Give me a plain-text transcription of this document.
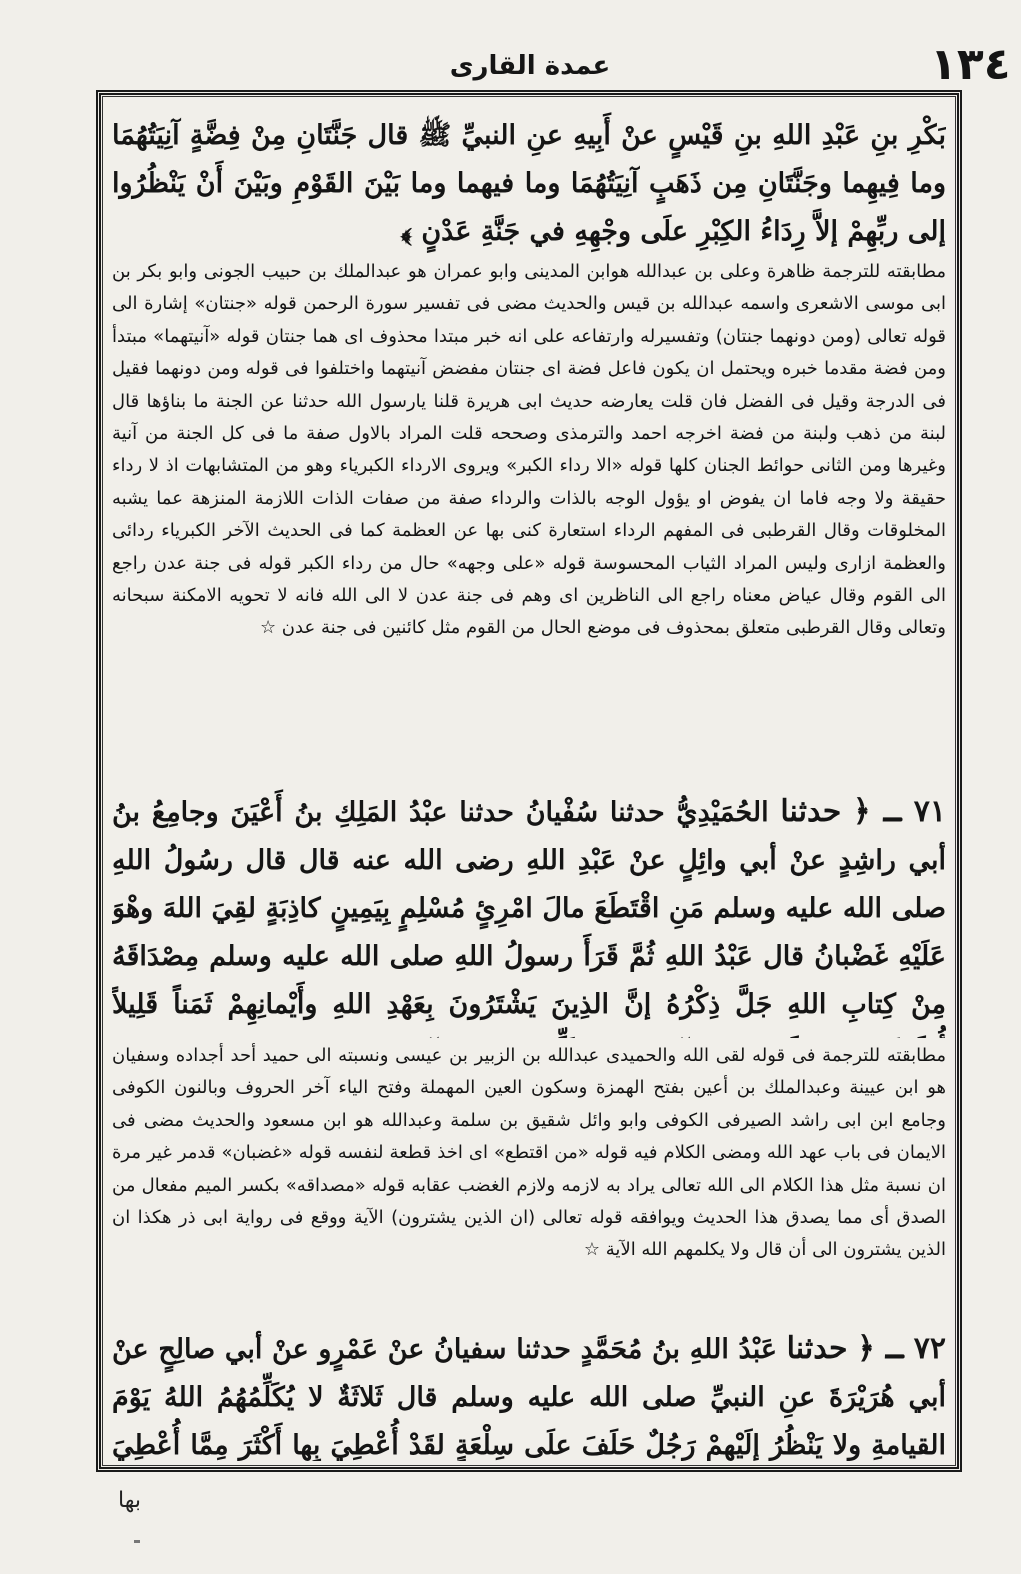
عمدة القارى	١٣٤

بَكْرِ بنِ عَبْدِ اللهِ بنِ قَيْسٍ عنْ أَبِيهِ عنِ النبيِّ ﷺ قال جَنَّتَانِ مِنْ فِضَّةٍ آنِيَتُهُمَا وما فِيهِما وجَنَّتَانِ مِن ذَهَبٍ آنِيَتُهُمَا وما فيهما وما بَيْنَ القَوْمِ وبَيْنَ أَنْ يَنْظُرُوا إلى ربِّهِمْ إلاَّ رِدَاءُ الكِبْرِ علَى وجْهِهِ في جَنَّةِ عَدْنٍ ﴾

مطابقته للترجمة ظاهرة وعلى بن عبدالله هوابن المدينى وابو عمران هو عبدالملك بن حبيب الجونى وابو بكر بن ابى موسى الاشعرى واسمه عبدالله بن قيس والحديث مضى فى تفسير سورة الرحمن قوله «جنتان» إشارة الى قوله تعالى (ومن دونهما جنتان) وتفسيرله وارتفاعه على انه خبر مبتدا محذوف اى هما جنتان قوله «آنيتهما» مبتدأ ومن فضة مقدما خبره ويحتمل ان يكون فاعل فضة اى جنتان مفضض آنيتهما واختلفوا فى قوله ومن دونهما فقيل فى الدرجة وقيل فى الفضل فان قلت يعارضه حديث ابى هريرة قلنا يارسول الله حدثنا عن الجنة ما بناؤها قال لبنة من ذهب ولبنة من فضة اخرجه احمد والترمذى وصححه قلت المراد بالاول صفة ما فى كل الجنة من آنية وغيرها ومن الثانى حوائط الجنان كلها قوله «الا رداء الكبر» ويروى الارداء الكبرياء وهو من المتشابهات اذ لا رداء حقيقة ولا وجه فاما ان يفوض او يؤول الوجه بالذات والرداء صفة من صفات الذات اللازمة المنزهة عما يشبه المخلوقات وقال القرطبى فى المفهم الرداء استعارة كنى بها عن العظمة كما فى الحديث الآخر الكبرياء ردائى والعظمة ازارى وليس المراد الثياب المحسوسة قوله «على وجهه» حال من رداء الكبر قوله فى جنة عدن راجع الى القوم وقال عياض معناه راجع الى الناظرين اى وهم فى جنة عدن لا الى الله فانه لا تحويه الامكنة سبحانه وتعالى وقال القرطبى متعلق بمحذوف فى موضع الحال من القوم مثل كائنين فى جنة عدن ☆

٧١ ـ ﴿ حدثنا الحُمَيْدِيُّ حدثنا سُفْيانُ حدثنا عبْدُ المَلِكِ بنُ أَعْيَنَ وجامِعُ بنُ أبي راشِدٍ عنْ أبي وائِلٍ عنْ عَبْدِ اللهِ رضى الله عنه قال قال رسُولُ اللهِ صلى الله عليه وسلم مَنِ اقْتَطَعَ مالَ امْرِئٍ مُسْلِمٍ بِيَمِينٍ كاذِبَةٍ لقِيَ اللهَ وهْوَ عَلَيْهِ غَضْبانُ قال عَبْدُ اللهِ ثُمَّ قَرَأَ رسولُ اللهِ صلى الله عليه وسلم مِصْدَاقَهُ مِنْ كِتابِ اللهِ جَلَّ ذِكْرُهُ إنَّ الذِينَ يَشْتَرُونَ بِعَهْدِ اللهِ وأَيْمانِهِمْ ثَمَناً قَلِيلاً

مطابقته للترجمة فى قوله لقى الله والحميدى عبدالله بن الزبير بن عيسى ونسبته الى حميد أحد أجداده وسفيان هو ابن عيينة وعبدالملك بن أعين بفتح الهمزة وسكون العين المهملة وفتح الياء آخر الحروف وبالنون الكوفى وجامع ابن ابى راشد الصيرفى الكوفى وابو وائل شقيق بن سلمة وعبدالله هو ابن مسعود والحديث مضى فى الايمان فى باب عهد الله ومضى الكلام فيه قوله «من اقتطع» اى اخذ قطعة لنفسه قوله «غضبان» قدمر غير مرة ان نسبة مثل هذا الكلام الى الله تعالى يراد به لازمه ولازم الغضب عقابه قوله «مصداقه» بكسر الميم مفعال من الصدق أى مما يصدق هذا الحديث ويوافقه قوله تعالى (ان الذين يشترون) الآية ووقع فى رواية ابى ذر هكذا ان الذين يشترون الى أن قال ولا يكلمهم الله الآية ☆

٧٢ ـ ﴿ حدثنا عَبْدُ اللهِ بنُ مُحَمَّدٍ حدثنا سفيانُ عنْ عَمْرٍو عنْ أبي صالِحٍ عنْ أبي هُرَيْرَةَ عنِ النبيِّ صلى الله عليه وسلم قال ثَلاثَةٌ لا يُكَلِّمُهُمُ اللهُ يَوْمَ القيامةِ ولا يَنْظُرُ إلَيْهِمْ رَجُلٌ حَلَفَ علَى سِلْعَةٍ لقَدْ أُعْطِيَ بِها أَكْثَرَ مِمَّا أُعْطِيَ

بها
